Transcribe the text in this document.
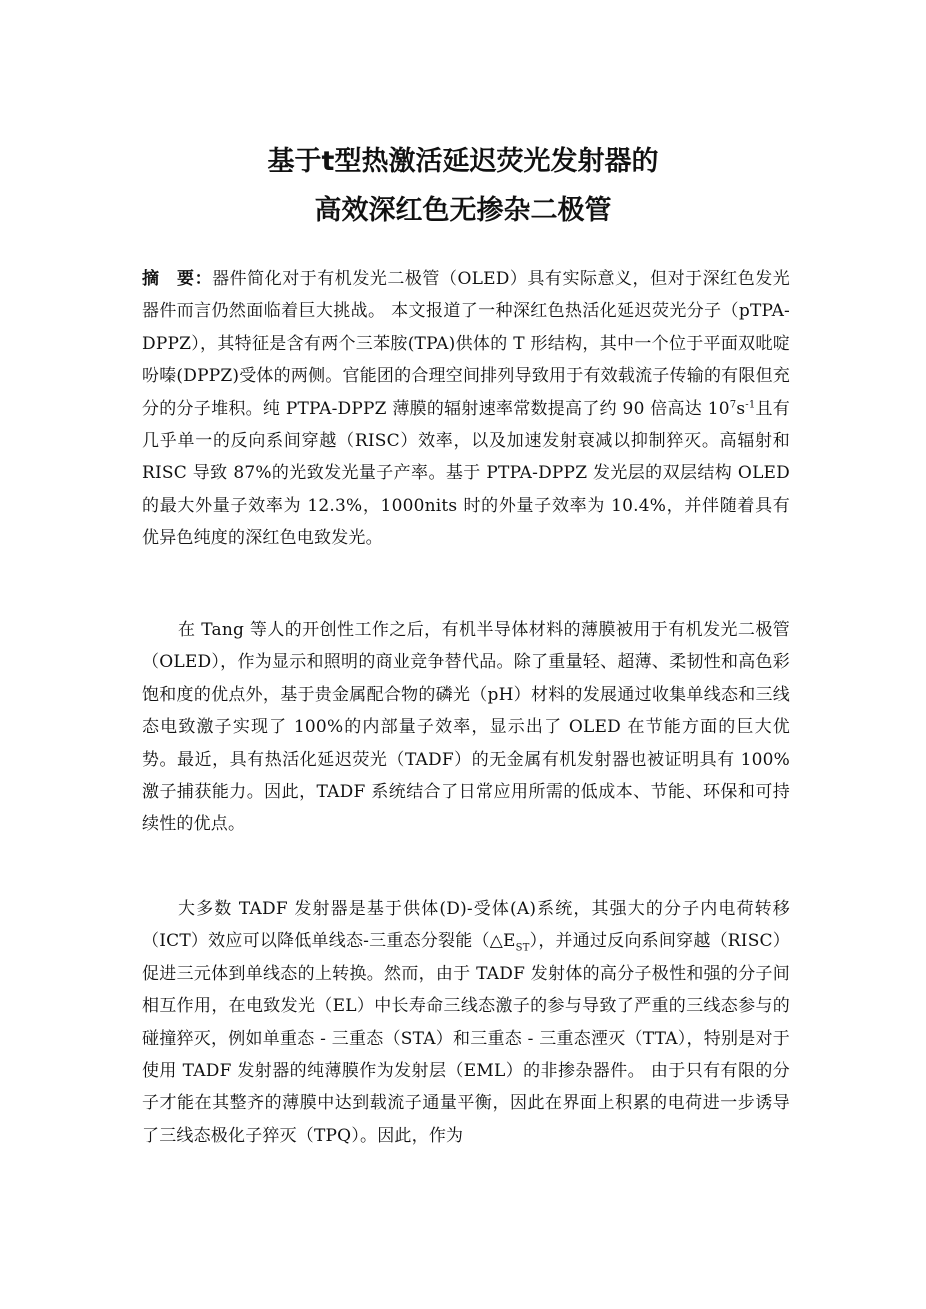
基于t型热激活延迟荧光发射器的
高效深红色无掺杂二极管

摘　要：器件简化对于有机发光二极管（OLED）具有实际意义，但对于深红色发光器件而言仍然面临着巨大挑战。 本文报道了一种深红色热活化延迟荧光分子（pTPA-DPPZ），其特征是含有两个三苯胺(TPA)供体的 T 形结构，其中一个位于平面双吡啶吩嗪(DPPZ)受体的两侧。官能团的合理空间排列导致用于有效载流子传输的有限但充分的分子堆积。纯 PTPA-DPPZ 薄膜的辐射速率常数提高了约 90 倍高达 $10^7s^{-1}$且有几乎单一的反向系间穿越（RISC）效率，以及加速发射衰减以抑制猝灭。高辐射和 RISC 导致 87%的光致发光量子产率。基于 PTPA-DPPZ 发光层的双层结构 OLED 的最大外量子效率为 12.3%，1000nits 时的外量子效率为 10.4%，并伴随着具有优异色纯度的深红色电致发光。

在 Tang 等人的开创性工作之后，有机半导体材料的薄膜被用于有机发光二极管（OLED），作为显示和照明的商业竞争替代品。除了重量轻、超薄、柔韧性和高色彩饱和度的优点外，基于贵金属配合物的磷光（pH）材料的发展通过收集单线态和三线态电致激子实现了 100%的内部量子效率，显示出了 OLED 在节能方面的巨大优势。最近，具有热活化延迟荧光（TADF）的无金属有机发射器也被证明具有 100%激子捕获能力。因此，TADF 系统结合了日常应用所需的低成本、节能、环保和可持续性的优点。

大多数 TADF 发射器是基于供体(D)-受体(A)系统，其强大的分子内电荷转移（ICT）效应可以降低单线态-三重态分裂能$(\triangle E_{ST})$，并通过反向系间穿越（RISC）促进三元体到单线态的上转换。然而，由于 TADF 发射体的高分子极性和强的分子间相互作用，在电致发光（EL）中长寿命三线态激子的参与导致了严重的三线态参与的碰撞猝灭，例如单重态 - 三重态（STA）和三重态 - 三重态湮灭（TTA），特别是对于使用 TADF 发射器的纯薄膜作为发射层（EML）的非掺杂器件。 由于只有有限的分子才能在其整齐的薄膜中达到载流子通量平衡，因此在界面上积累的电荷进一步诱导了三线态极化子猝灭（TPQ）。因此，作为
